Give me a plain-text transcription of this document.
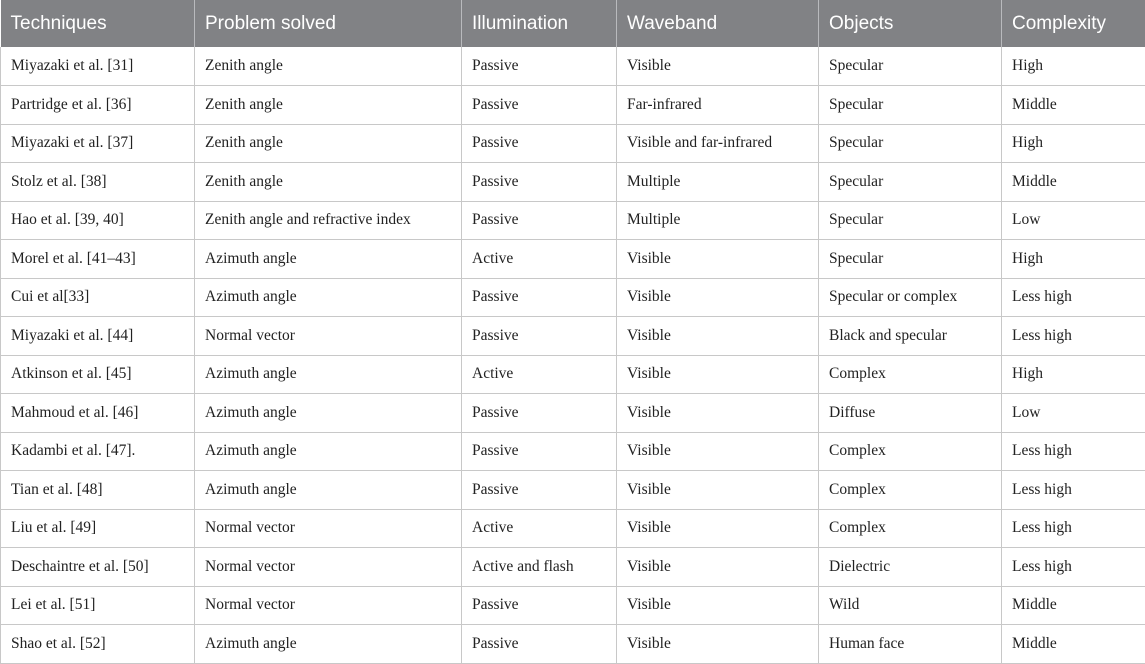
Techniques	Problem solved	Illumination	Waveband	Objects	Complexity
Miyazaki et al. [31]	Zenith angle	Passive	Visible	Specular	High
Partridge et al. [36]	Zenith angle	Passive	Far-infrared	Specular	Middle
Miyazaki et al. [37]	Zenith angle	Passive	Visible and far-infrared	Specular	High
Stolz et al. [38]	Zenith angle	Passive	Multiple	Specular	Middle
Hao et al. [39, 40]	Zenith angle and refractive index	Passive	Multiple	Specular	Low
Morel et al. [41–43]	Azimuth angle	Active	Visible	Specular	High
Cui et al[33]	Azimuth angle	Passive	Visible	Specular or complex	Less high
Miyazaki et al. [44]	Normal vector	Passive	Visible	Black and specular	Less high
Atkinson et al. [45]	Azimuth angle	Active	Visible	Complex	High
Mahmoud et al. [46]	Azimuth angle	Passive	Visible	Diffuse	Low
Kadambi et al. [47].	Azimuth angle	Passive	Visible	Complex	Less high
Tian et al. [48]	Azimuth angle	Passive	Visible	Complex	Less high
Liu et al. [49]	Normal vector	Active	Visible	Complex	Less high
Deschaintre et al. [50]	Normal vector	Active and flash	Visible	Dielectric	Less high
Lei et al. [51]	Normal vector	Passive	Visible	Wild	Middle
Shao et al. [52]	Azimuth angle	Passive	Visible	Human face	Middle
